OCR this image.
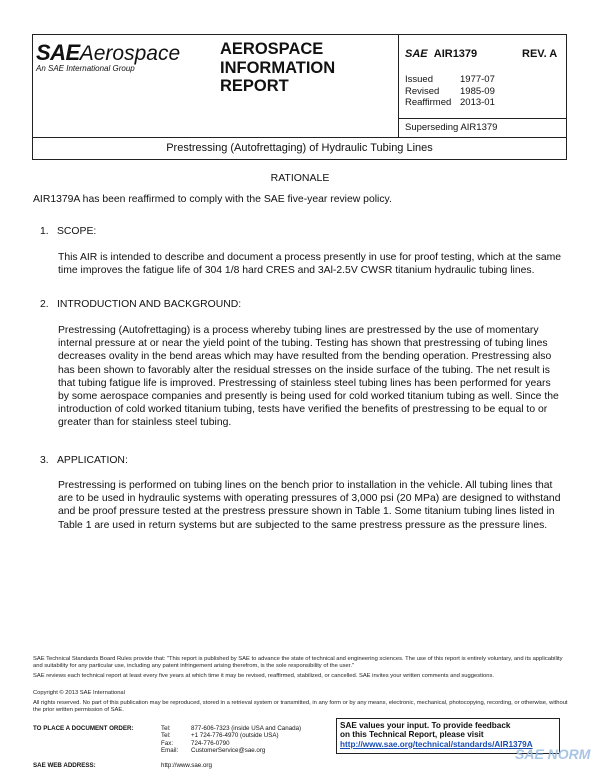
SAEAerospace
An SAE International Group
AEROSPACE
INFORMATION
REPORT
SAE AIR1379	REV. A
Issued	1977-07
Revised 1985-09
Reaffirmed 2013-01
Superseding AIR1379
Prestressing (Autofrettaging) of Hydraulic Tubing Lines
RATIONALE
AIR1379A has been reaffirmed to comply with the SAE five-year review policy.
1. SCOPE:
This AIR is intended to describe and document a process presently in use for proof testing, which at the same time improves the fatigue life of 304 1/8 hard CRES and 3Al-2.5V CWSR titanium hydraulic tubing lines.
2. INTRODUCTION AND BACKGROUND:
Prestressing (Autofrettaging) is a process whereby tubing lines are prestressed by the use of momentary internal pressure at or near the yield point of the tubing. Testing has shown that prestressing of tubing lines decreases ovality in the bend areas which may have resulted from the bending operation. Prestressing also has been shown to favorably alter the residual stresses on the inside surface of the tubing. The net result is that tubing fatigue life is improved. Prestressing of stainless steel tubing lines has been performed for years by some aerospace companies and presently is being used for cold worked titanium tubing as well. Since the introduction of cold worked titanium tubing, tests have verified the benefits of prestressing to be equal to or greater than for stainless steel tubing.
3. APPLICATION:
Prestressing is performed on tubing lines on the bench prior to installation in the vehicle. All tubing lines that are to be used in hydraulic systems with operating pressures of 3,000 psi (20 MPa) are designed to withstand and be proof pressure tested at the prestress pressure shown in Table 1. Some titanium tubing lines listed in Table 1 are used in return systems but are subjected to the same prestress pressure as the pressure lines.
SAE Technical Standards Board Rules provide that: "This report is published by SAE to advance the state of technical and engineering sciences. The use of this report is entirely voluntary, and its applicability and suitability for any particular use, including any patent infringement arising therefrom, is the sole responsibility of the user."
SAE reviews each technical report at least every five years at which time it may be revised, reaffirmed, stabilized, or cancelled. SAE invites your written comments and suggestions.
Copyright © 2013 SAE International
All rights reserved. No part of this publication may be reproduced, stored in a retrieval system or transmitted, in any form or by any means, electronic, mechanical, photocopying, recording, or otherwise, without the prior written permission of SAE.
TO PLACE A DOCUMENT ORDER:	Tel:	877-606-7323 (inside USA and Canada)
Tel:	+1 724-776-4970 (outside USA)
Fax:	724-776-0790
Email: CustomerService@sae.org
SAE WEB ADDRESS:	http://www.sae.org
SAE values your input. To provide feedback
on this Technical Report, please visit
http://www.sae.org/technical/standards/AIR1379A
SAE NORM
